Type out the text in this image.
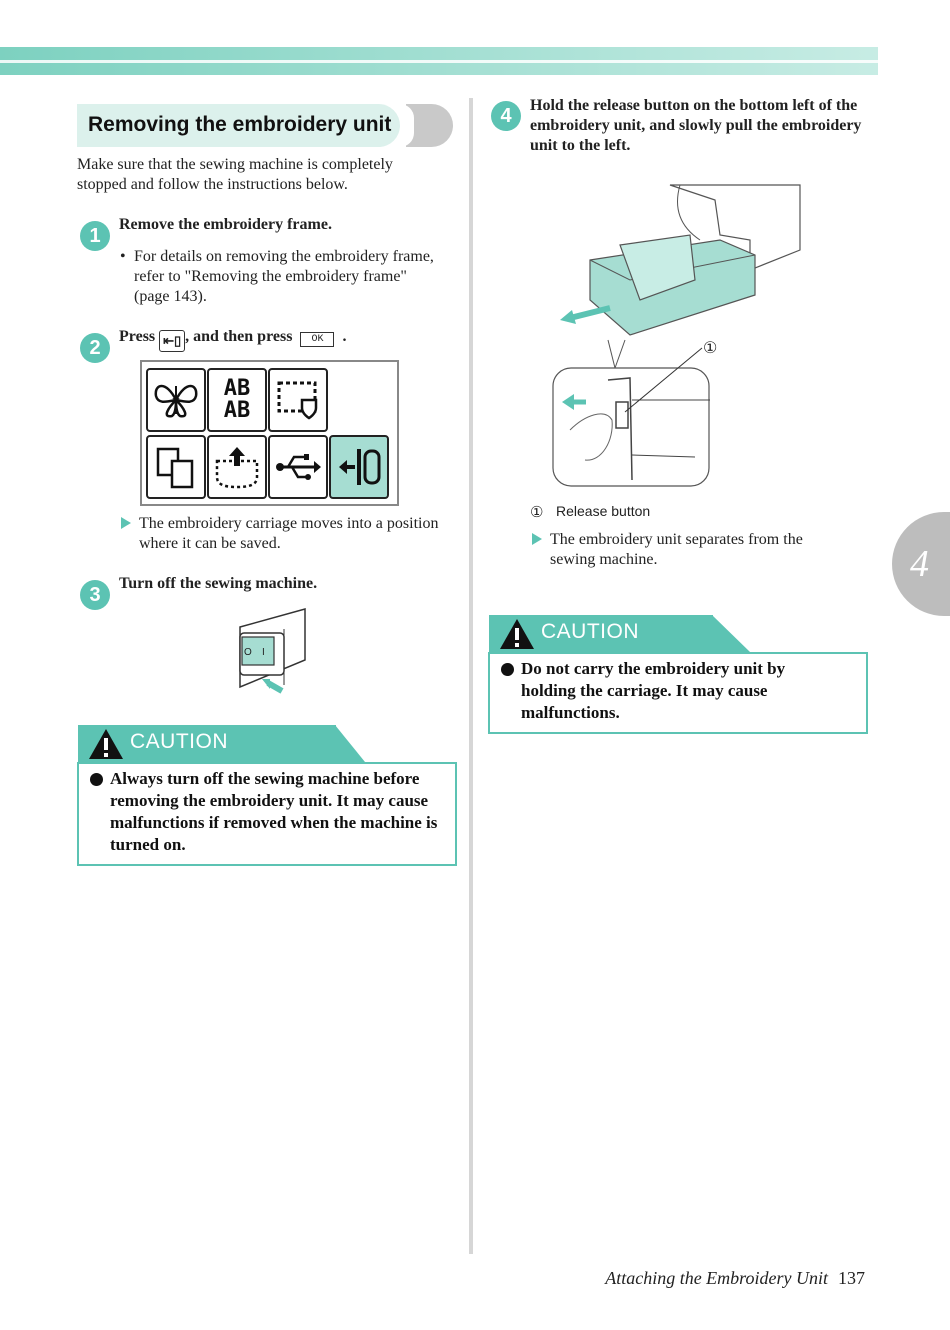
Removing the embroidery unit
Make sure that the sewing machine is completely stopped and follow the instructions below.
1
Remove the embroidery frame.
• For details on removing the embroidery frame, refer to "Removing the embroidery frame" (page 143).
2
Press ⇤▯ , and then press OK .
AB
AB
The embroidery carriage moves into a position where it can be saved.
3
Turn off the sewing machine.
O I
CAUTION
Always turn off the sewing machine before removing the embroidery unit. It may cause malfunctions if removed when the machine is turned on.
4	Hold the release button on the bottom left of the embroidery unit, and slowly pull the embroidery unit to the left.
①
① Release button
The embroidery unit separates from the sewing machine.
CAUTION
Do not carry the embroidery unit by holding the carriage. It may cause malfunctions.
4
Attaching the Embroidery Unit 137
